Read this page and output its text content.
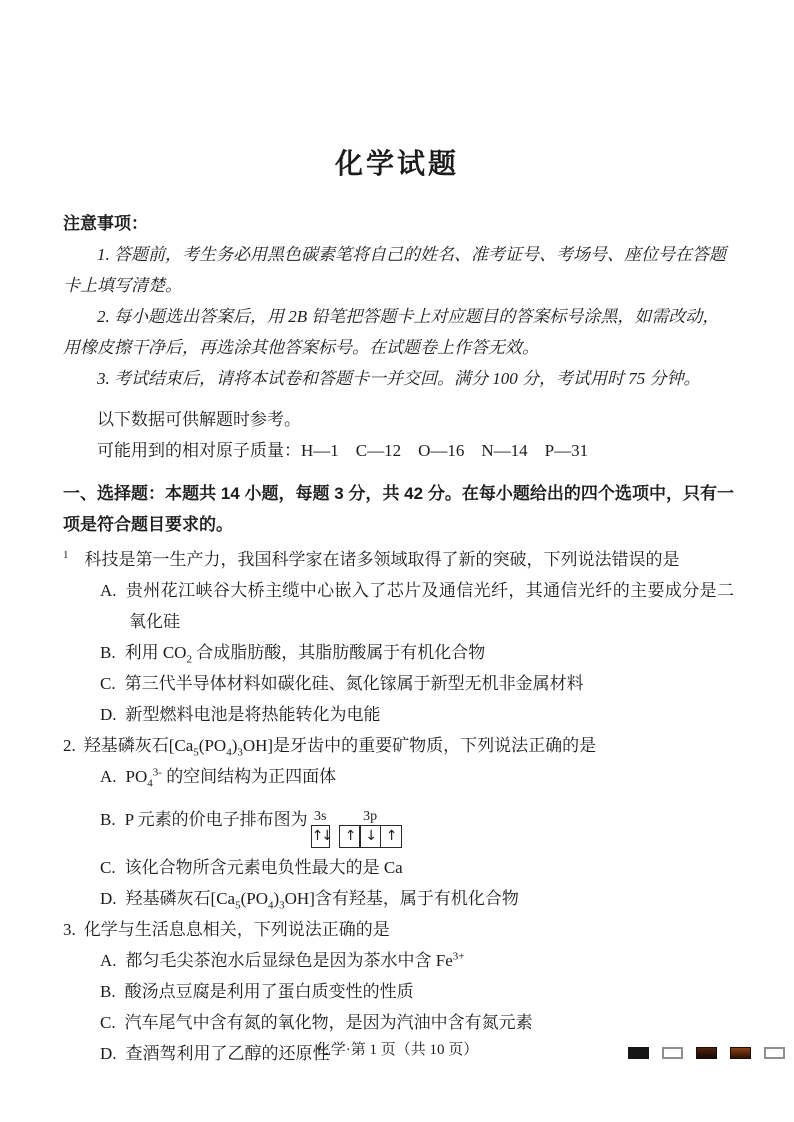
化学试题
注意事项：

1. 答题前，考生务必用黑色碳素笔将自己的姓名、准考证号、考场号、座位号在答题卡上填写清楚。

2. 每小题选出答案后，用 2B 铅笔把答题卡上对应题目的答案标号涂黑，如需改动，用橡皮擦干净后，再选涂其他答案标号。在试题卷上作答无效。

3. 考试结束后，请将本试卷和答题卡一并交回。满分 100 分，考试用时 75 分钟。

以下数据可供解题时参考。

可能用到的相对原子质量：H—1　C—12　O—16　N—14　P—31

一、选择题：本题共 14 小题，每题 3 分，共 42 分。在每小题给出的四个选项中，只有一项是符合题目要求的。

$^1$ 科技是第一生产力，我国科学家在诸多领域取得了新的突破，下列说法错误的是
A. 贵州花江峡谷大桥主缆中心嵌入了芯片及通信光纤，其通信光纤的主要成分是二氧化硅
B. 利用 $CO_2$ 合成脂肪酸，其脂肪酸属于有机化合物
C. 第三代半导体材料如碳化硅、氮化镓属于新型无机非金属材料
D. 新型燃料电池是将热能转化为电能
2. 羟基磷灰石$[Ca_5(PO_4)_3OH]$是牙齿中的重要矿物质，下列说法正确的是
A. $PO_4^{3-}$ 的空间结构为正四面体
B. P 元素的价电子排布图为 3s
↑↓
3p
↑ ↓ ↑
C. 该化合物所含元素电负性最大的是 Ca
D. 羟基磷灰石$[Ca_5(PO_4)_3OH]$含有羟基，属于有机化合物
3. 化学与生活息息相关，下列说法正确的是
A. 都匀毛尖茶泡水后显绿色是因为茶水中含 $Fe^{3+}$
B. 酸汤点豆腐是利用了蛋白质变性的性质
C. 汽车尾气中含有氮的氧化物，是因为汽油中含有氮元素
D. 查酒驾利用了乙醇的还原性
化学·第 1 页（共 10 页）
